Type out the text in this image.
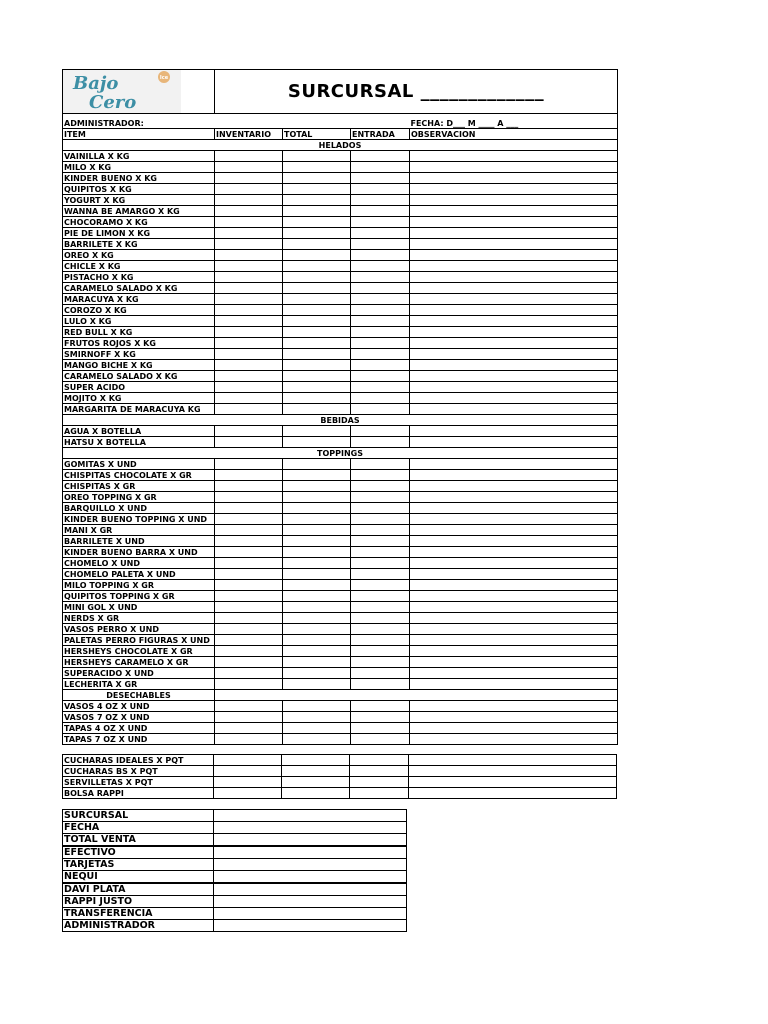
Bajo
Cero
Ice	SURCURSAL _____________			
ADMINISTRADOR:				FECHA: D___ M ____ A ___
ITEM	INVENTARIO	TOTAL	ENTRADA	OBSERVACION
HELADOS				
VAINILLA X KG				
MILO X KG				
KINDER BUENO X KG				
QUIPITOS X KG				
YOGURT X KG				
WANNA BE AMARGO X KG				
CHOCORAMO X KG				
PIE DE LIMON X KG				
BARRILETE X KG				
OREO X KG				
CHICLE X KG				
PISTACHO X KG				
CARAMELO SALADO X KG				
MARACUYA X KG				
COROZO X KG				
LULO X KG				
RED BULL X KG				
FRUTOS ROJOS X KG				
SMIRNOFF X KG				
MANGO BICHE X KG				
CARAMELO SALADO X KG				
SUPER ACIDO				
MOJITO X KG				
MARGARITA DE MARACUYA KG				
BEBIDAS				
AGUA X BOTELLA				
HATSU X BOTELLA				
TOPPINGS				
GOMITAS X UND				
CHISPITAS CHOCOLATE X GR				
CHISPITAS X GR				
OREO TOPPING X GR				
BARQUILLO X UND				
KINDER BUENO TOPPING X UND				
MANI X GR				
BARRILETE X UND				
KINDER BUENO BARRA X UND				
CHOMELO X UND				
CHOMELO PALETA X UND				
MILO TOPPING X GR				
QUIPITOS TOPPING X GR				
MINI GOL X UND				
NERDS X GR				
VASOS PERRO X UND				
PALETAS PERRO FIGURAS X UND				
HERSHEYS CHOCOLATE X GR				
HERSHEYS CARAMELO X GR				
SUPERACIDO X UND				
LECHERITA X GR				
DESECHABLES				
VASOS 4 OZ X UND				
VASOS 7 OZ X UND				
TAPAS 4 OZ X UND				
TAPAS 7 OZ X UND				
CUCHARAS IDEALES X PQT				
CUCHARAS BS X PQT				
SERVILLETAS X PQT				
BOLSA RAPPI				
SURCURSAL	
FECHA	
TOTAL VENTA	
EFECTIVO	
TARJETAS	
NEQUI	
DAVI PLATA	
RAPPI JUSTO	
TRANSFERENCIA	
ADMINISTRADOR	
